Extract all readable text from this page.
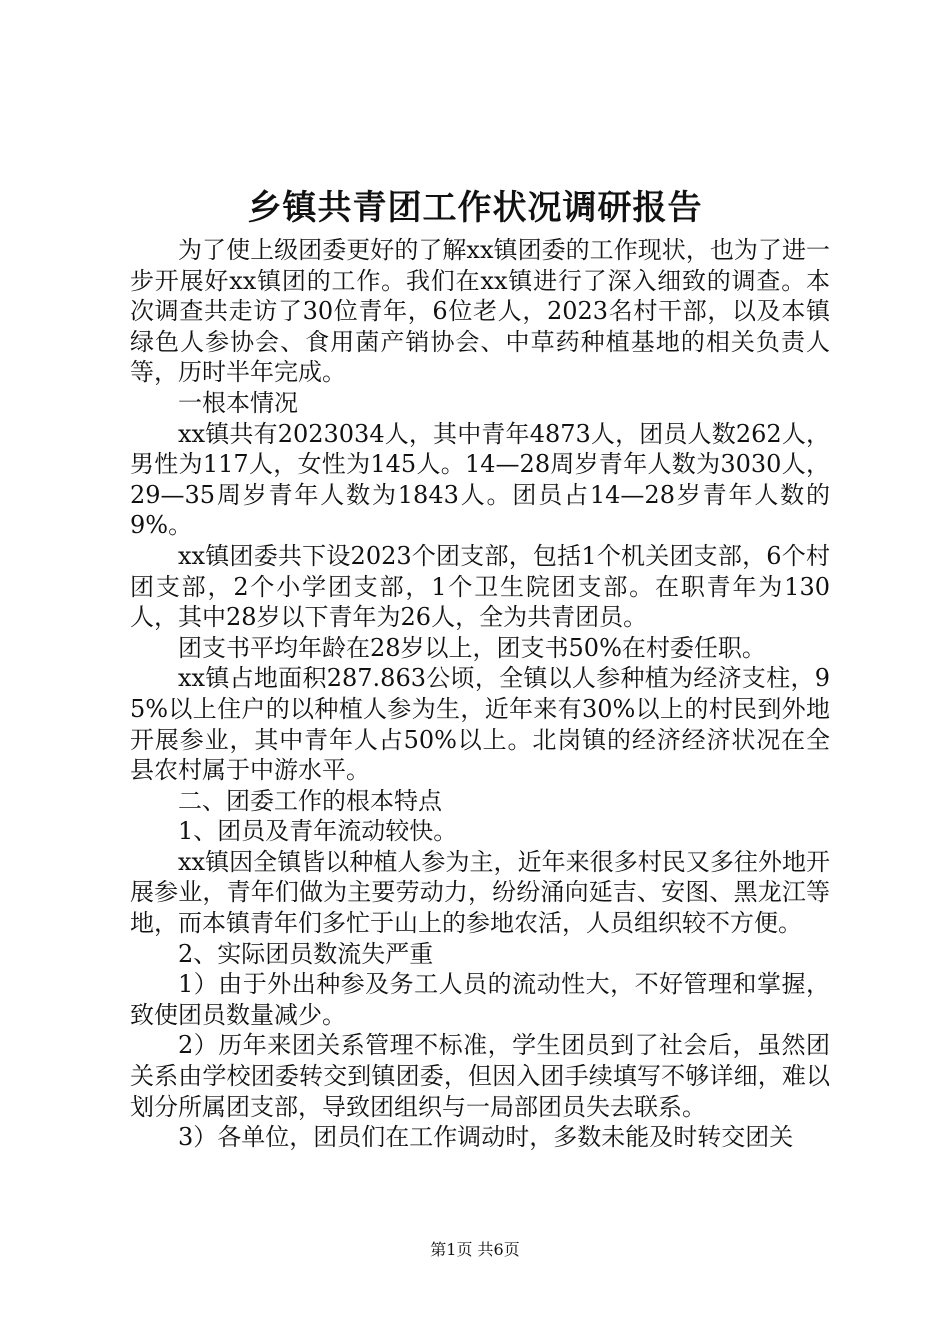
乡镇共青团工作状况调研报告

为了使上级团委更好的了解xx镇团委的工作现状，也为了进一步开展好xx镇团的工作。我们在xx镇进行了深入细致的调查。本次调查共走访了30位青年，6位老人，2023名村干部，以及本镇绿色人参协会、食用菌产销协会、中草药种植基地的相关负责人等，历时半年完成。

一根本情况

xx镇共有2023034人，其中青年4873人，团员人数262人，男性为117人，女性为145人。14—28周岁青年人数为3030人，29—35周岁青年人数为1843人。团员占14—28岁青年人数的9%。

xx镇团委共下设2023个团支部，包括1个机关团支部，6个村团支部，2个小学团支部，1个卫生院团支部。在职青年为130人，其中28岁以下青年为26人，全为共青团员。

团支书平均年龄在28岁以上，团支书50%在村委任职。

xx镇占地面积287.863公顷，全镇以人参种植为经济支柱，95%以上住户的以种植人参为生，近年来有30%以上的村民到外地开展参业，其中青年人占50%以上。北岗镇的经济经济状况在全县农村属于中游水平。

二、团委工作的根本特点

1、团员及青年流动较快。

xx镇因全镇皆以种植人参为主，近年来很多村民又多往外地开展参业，青年们做为主要劳动力，纷纷涌向延吉、安图、黑龙江等地，而本镇青年们多忙于山上的参地农活，人员组织较不方便。

2、实际团员数流失严重

1）由于外出种参及务工人员的流动性大，不好管理和掌握，致使团员数量减少。

2）历年来团关系管理不标准，学生团员到了社会后，虽然团关系由学校团委转交到镇团委，但因入团手续填写不够详细，难以划分所属团支部，导致团组织与一局部团员失去联系。

3）各单位，团员们在工作调动时，多数未能及时转交团关

第1页 共6页
